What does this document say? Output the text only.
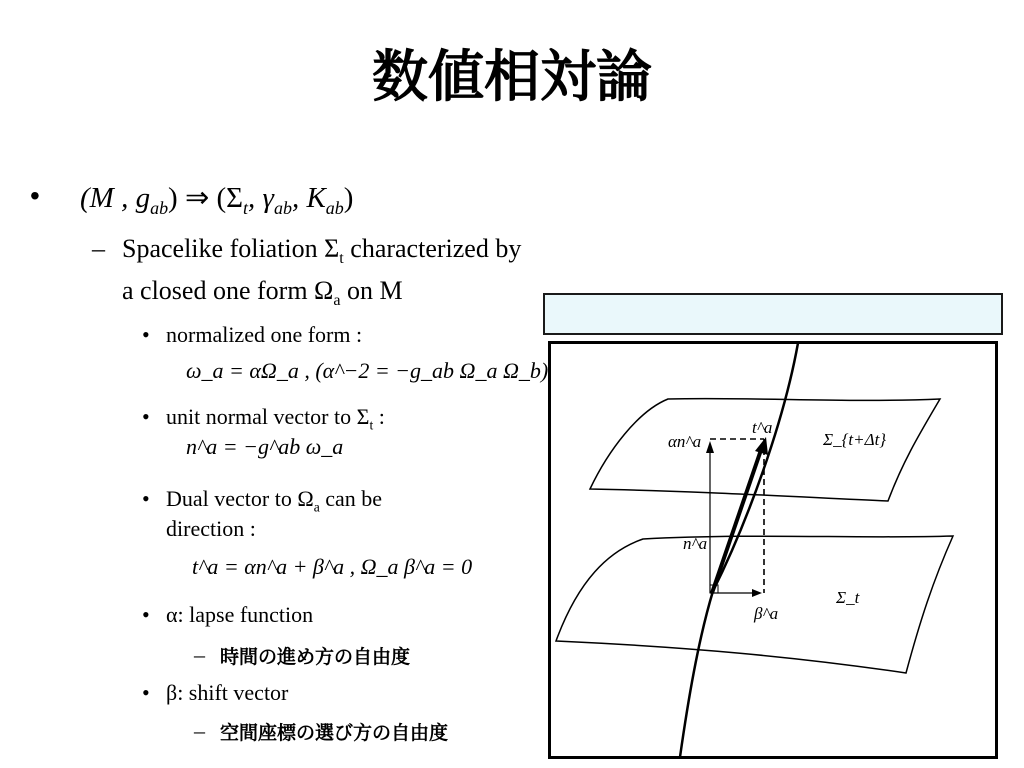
数値相対論
• (M , $g_{ab}$) ⇒ ($\Sigma_t$, $\gamma_{ab}$, $K_{ab}$)
– Spacelike foliation $\Sigma_t$ characterized by
a closed one form $\Omega_a$ on M
• normalized one form :
ω_a = αΩ_a , (α^−2 = −g_ab Ω_a Ω_b)
• unit normal vector to $\Sigma_t$ :
n^a = −g^ab ω_a
• Dual vector to $\Omega_a$ can be
direction :
t^a = αn^a + β^a , Ω_a β^a = 0
• α: lapse function
– 時間の進め方の自由度
• β: shift vector
– 空間座標の選び方の自由度
t^a
αn^a	Σ_{t+Δt}
n^a
Σ_t
β^a
